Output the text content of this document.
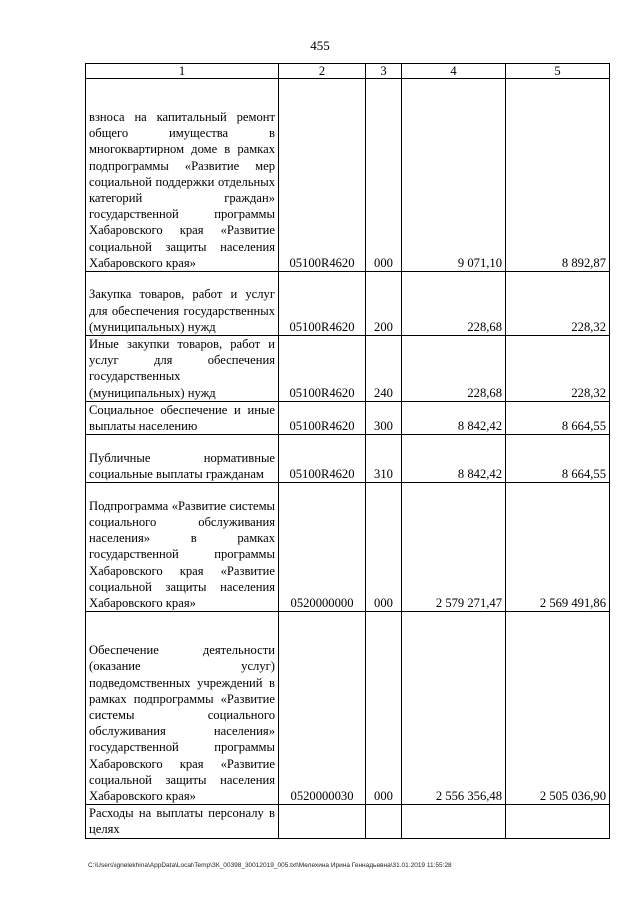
455
1	2	3	4	5
взноса на капитальный ремонт общего имущества в многоквартирном доме в рамках подпрограммы «Развитие мер социальной поддержки отдельных категорий граждан» государственной программы Хабаровского края «Развитие социальной защиты населения Хабаровского края»	05100R4620	000	9 071,10	8 892,87
Закупка товаров, работ и услуг для обеспечения государственных (муниципальных) нужд	05100R4620	200	228,68	228,32
Иные закупки товаров, работ и услуг для обеспечения государственных (муниципальных) нужд	05100R4620	240	228,68	228,32
Социальное обеспечение и иные выплаты населению	05100R4620	300	8 842,42	8 664,55
Публичные нормативные социальные выплаты гражданам	05100R4620	310	8 842,42	8 664,55
Подпрограмма «Развитие системы социального обслуживания населения» в рамках государственной программы Хабаровского края «Развитие социальной защиты населения Хабаровского края»	0520000000	000	2 579 271,47	2 569 491,86
Обеспечение деятельности (оказание услуг) подведомственных учреждений в рамках подпрограммы «Развитие системы социального обслуживания населения» государственной программы Хабаровского края «Развитие социальной защиты населения Хабаровского края»	0520000030	000	2 556 356,48	2 505 036,90
Расходы на выплаты персоналу в целях				
C:\Users\ignelekhina\AppData\Local\Temp\ЗК_00398_30012019_005.txt\Мелехина Ирина Геннадьевна\31.01.2019 11:55:28
